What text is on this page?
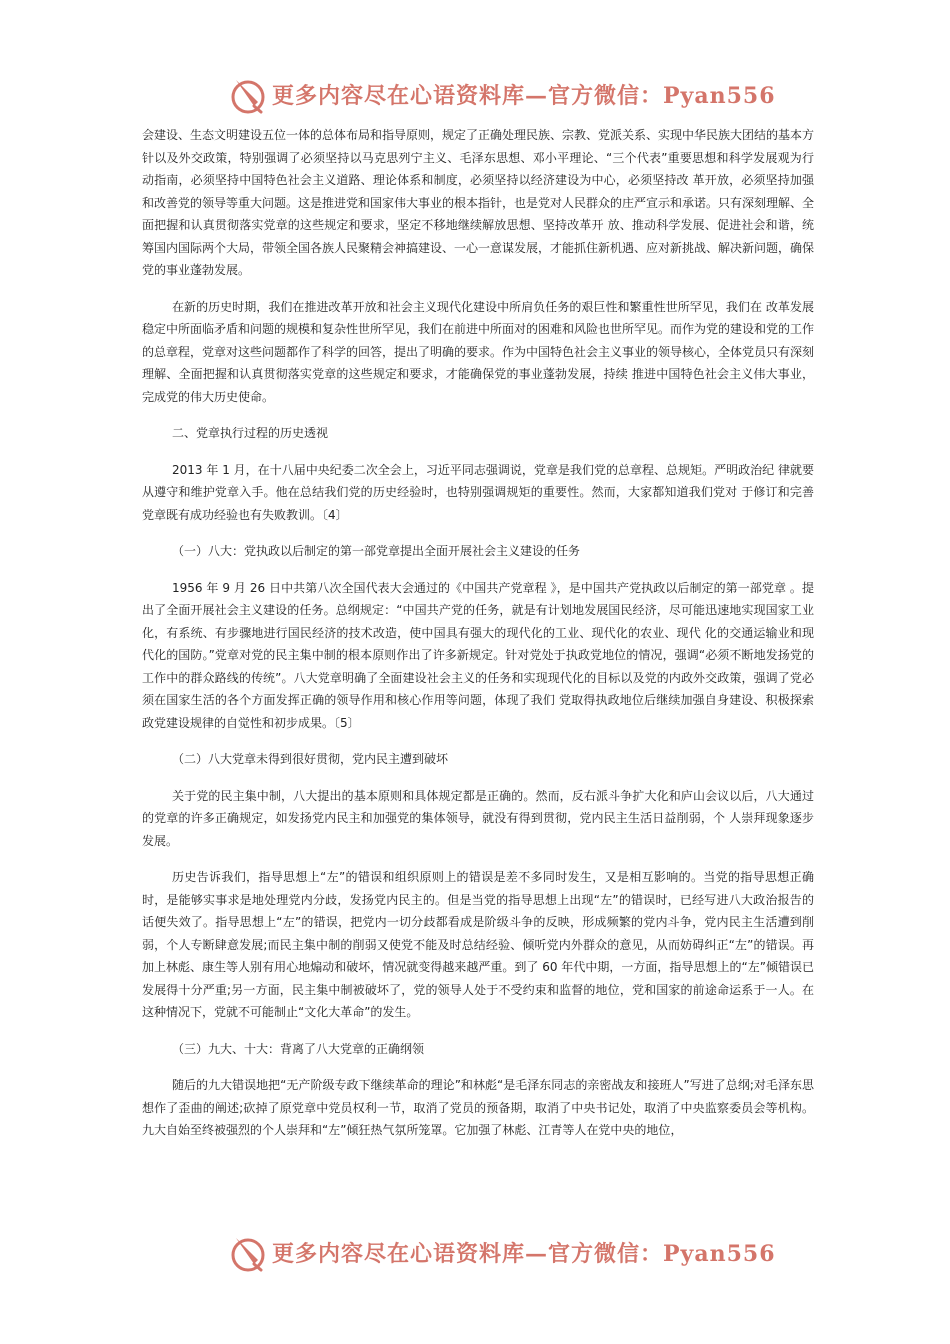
更多内容尽在心语资料库—官方微信：Pyan556

会建设、生态文明建设五位一体的总体布局和指导原则，规定了正确处理民族、宗教、党派关系、实现中华民族大团结的基本方针以及外交政策，特别强调了必须坚持以马克思列宁主义、毛泽东思想、邓小平理论、“三个代表”重要思想和科学发展观为行动指南，必须坚持中国特色社会主义道路、理论体系和制度，必须坚持以经济建设为中心，必须坚持改 革开放，必须坚持加强和改善党的领导等重大问题。这是推进党和国家伟大事业的根本指针，也是党对人民群众的庄严宣示和承诺。只有深刻理解、全面把握和认真贯彻落实党章的这些规定和要求，坚定不移地继续解放思想、坚持改革开 放、推动科学发展、促进社会和谐，统筹国内国际两个大局，带领全国各族人民聚精会神搞建设、一心一意谋发展，才能抓住新机遇、应对新挑战、解决新问题，确保党的事业蓬勃发展。

在新的历史时期，我们在推进改革开放和社会主义现代化建设中所肩负任务的艰巨性和繁重性世所罕见，我们在 改革发展稳定中所面临矛盾和问题的规模和复杂性世所罕见，我们在前进中所面对的困难和风险也世所罕见。而作为党的建设和党的工作的总章程，党章对这些问题都作了科学的回答，提出了明确的要求。作为中国特色社会主义事业的领导核心，全体党员只有深刻理解、全面把握和认真贯彻落实党章的这些规定和要求，才能确保党的事业蓬勃发展，持续 推进中国特色社会主义伟大事业，完成党的伟大历史使命。

二、党章执行过程的历史透视

2013 年 1 月，在十八届中央纪委二次全会上，习近平同志强调说，党章是我们党的总章程、总规矩。严明政治纪 律就要从遵守和维护党章入手。他在总结我们党的历史经验时，也特别强调规矩的重要性。然而，大家都知道我们党对 于修订和完善党章既有成功经验也有失败教训。〔4〕

（一）八大：党执政以后制定的第一部党章提出全面开展社会主义建设的任务

1956 年 9 月 26 日中共第八次全国代表大会通过的《中国共产党章程 》，是中国共产党执政以后制定的第一部党章 。提出了全面开展社会主义建设的任务。总纲规定：“中国共产党的任务，就是有计划地发展国民经济，尽可能迅速地实现国家工业化，有系统、有步骤地进行国民经济的技术改造，使中国具有强大的现代化的工业、现代化的农业、现代 化的交通运输业和现代化的国防。”党章对党的民主集中制的根本原则作出了许多新规定。针对党处于执政党地位的情况，强调“必须不断地发扬党的工作中的群众路线的传统”。八大党章明确了全面建设社会主义的任务和实现现代化的目标以及党的内政外交政策，强调了党必须在国家生活的各个方面发挥正确的领导作用和核心作用等问题，体现了我们 党取得执政地位后继续加强自身建设、积极探索政党建设规律的自觉性和初步成果。〔5〕

（二）八大党章未得到很好贯彻，党内民主遭到破坏

关于党的民主集中制，八大提出的基本原则和具体规定都是正确的。然而，反右派斗争扩大化和庐山会议以后，八大通过的党章的许多正确规定，如发扬党内民主和加强党的集体领导，就没有得到贯彻，党内民主生活日益削弱，个 人崇拜现象逐步发展。

历史告诉我们，指导思想上“左”的错误和组织原则上的错误是差不多同时发生，又是相互影响的。当党的指导思想正确时，是能够实事求是地处理党内分歧，发扬党内民主的。但是当党的指导思想上出现“左”的错误时，已经写进八大政治报告的话便失效了。指导思想上“左”的错误，把党内一切分歧都看成是阶级斗争的反映，形成频繁的党内斗争，党内民主生活遭到削弱，个人专断肆意发展;而民主集中制的削弱又使党不能及时总结经验、倾听党内外群众的意见，从而妨碍纠正“左”的错误。再加上林彪、康生等人别有用心地煽动和破坏，情况就变得越来越严重。到了 60 年代中期，一方面，指导思想上的“左”倾错误已发展得十分严重;另一方面，民主集中制被破坏了，党的领导人处于不受约束和监督的地位，党和国家的前途命运系于一人。在这种情况下，党就不可能制止“文化大革命”的发生。

（三）九大、十大：背离了八大党章的正确纲领

随后的九大错误地把“无产阶级专政下继续革命的理论”和林彪“是毛泽东同志的亲密战友和接班人”写进了总纲;对毛泽东思想作了歪曲的阐述;砍掉了原党章中党员权利一节，取消了党员的预备期，取消了中央书记处，取消了中央监察委员会等机构。九大自始至终被强烈的个人崇拜和“左”倾狂热气氛所笼罩。它加强了林彪、江青等人在党中央的地位，

更多内容尽在心语资料库—官方微信：Pyan556
